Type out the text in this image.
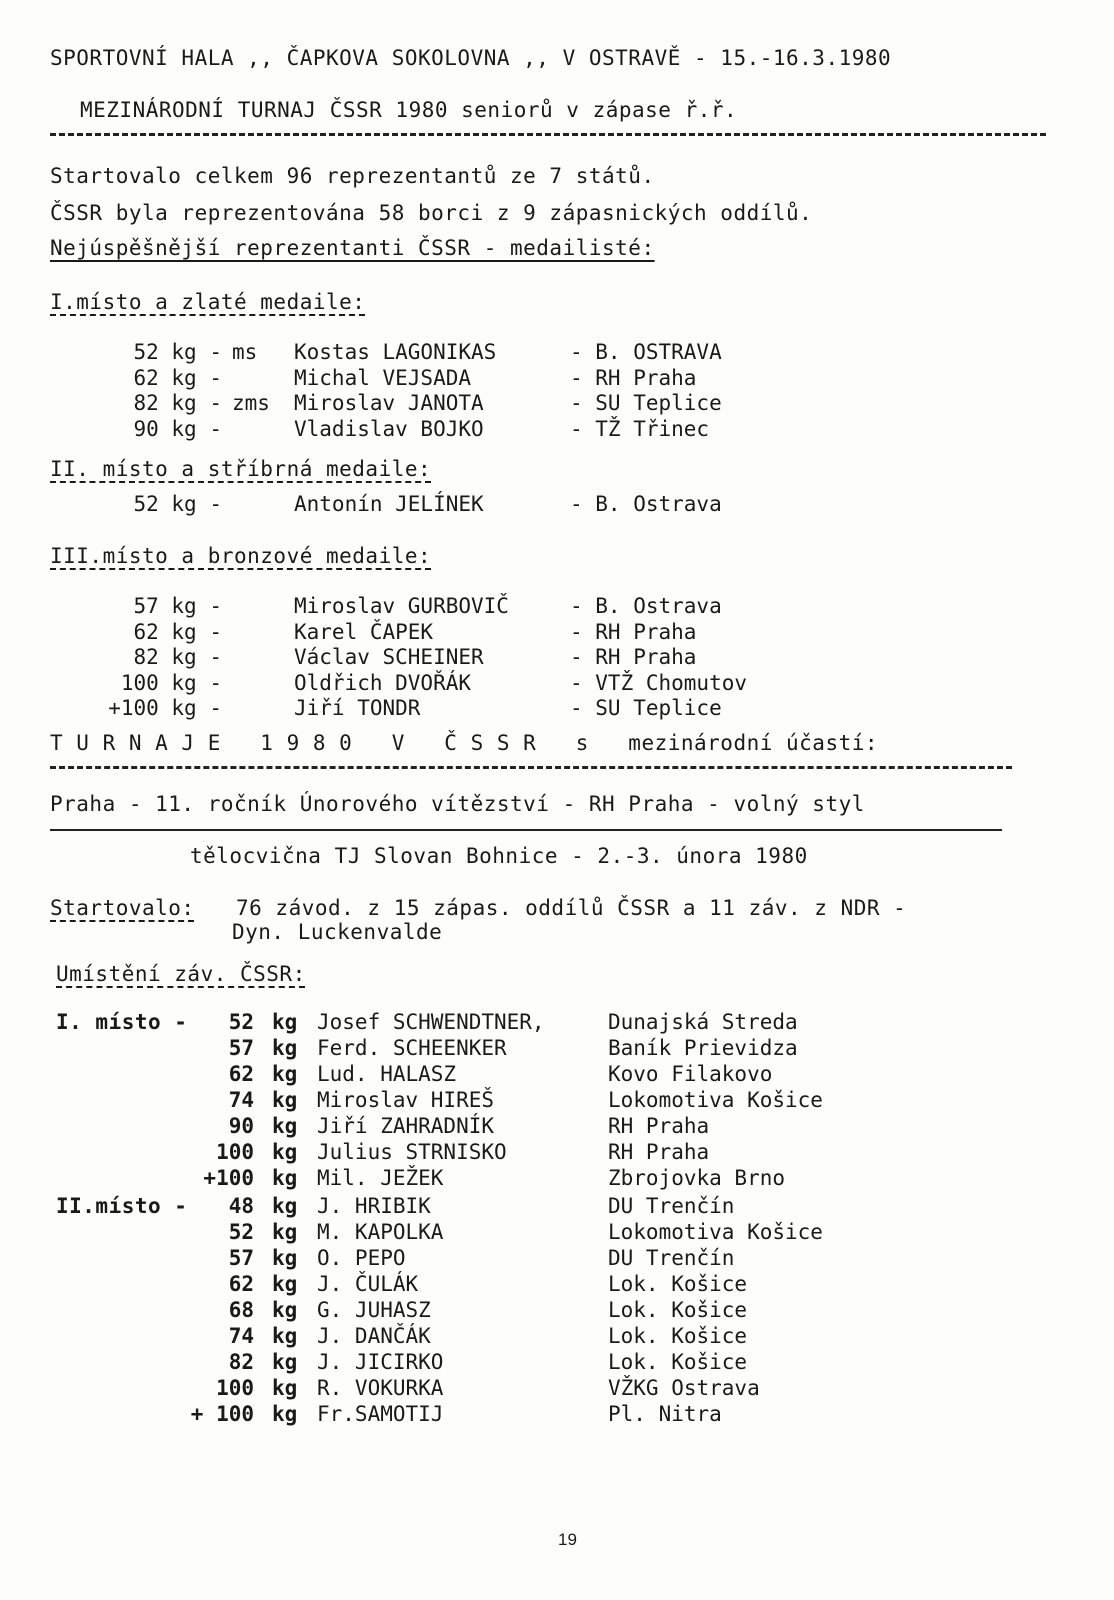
SPORTOVNÍ HALA ,, ČAPKOVA SOKOLOVNA ,, V OSTRAVĚ - 15.-16.3.1980
MEZINÁRODNÍ TURNAJ ČSSR 1980 seniorů v zápase ř.ř.
Startovalo celkem 96 reprezentantů ze 7 států.
ČSSR byla reprezentována 58 borci z 9 zápasnických oddílů.
Nejúspěšnější reprezentanti ČSSR - medailisté:
I.místo a zlaté medaile:
52 kg - ms Kostas LAGONIKAS	- B. OSTRAVA
62 kg -	Michal VEJSADA	- RH Praha
82 kg - zms Miroslav JANOTA	- SU Teplice
90 kg -	Vladislav BOJKO	- TŽ Třinec
II. místo a stříbrná medaile:
52 kg -	Antonín JELÍNEK	- B. Ostrava
III.místo a bronzové medaile:
57 kg -	Miroslav GURBOVIČ	- B. Ostrava
62 kg -	Karel ČAPEK	- RH Praha
82 kg -	Václav SCHEINER	- RH Praha
100 kg -	Oldřich DVOŘÁK	- VTŽ Chomutov
+100 kg -	Jiří TONDR	- SU Teplice
T U R N A J E   1 9 8 0   V   Č S S R   s   mezinárodní účastí:
Praha - 11. ročník Únorového vítězství - RH Praha - volný styl
tělocvična TJ Slovan Bohnice - 2.-3. února 1980
Startovalo: 76 závod. z 15 zápas. oddílů ČSSR a 11 záv. z NDR -
Dyn. Luckenvalde
Umístění záv. ČSSR:
I. místo -	52 kg Josef SCHWENDTNER,	Dunajská Streda
57 kg Ferd. SCHEENKER	Baník Prievidza
62 kg Lud. HALASZ	Kovo Filakovo
74 kg Miroslav HIREŠ	Lokomotiva Košice
90 kg Jiří ZAHRADNÍK	RH Praha
100 kg Julius STRNISKO	RH Praha
+100 kg Mil. JEŽEK	Zbrojovka Brno
II.místo -	48 kg J. HRIBIK	DU Trenčín
52 kg M. KAPOLKA	Lokomotiva Košice
57 kg O. PEPO	DU Trenčín
62 kg J. ČULÁK	Lok. Košice
68 kg G. JUHASZ	Lok. Košice
74 kg J. DANČÁK	Lok. Košice
82 kg J. JICIRKO	Lok. Košice
100 kg R. VOKURKA	VŽKG Ostrava
+ 100 kg Fr.SAMOTIJ	Pl. Nitra
19
